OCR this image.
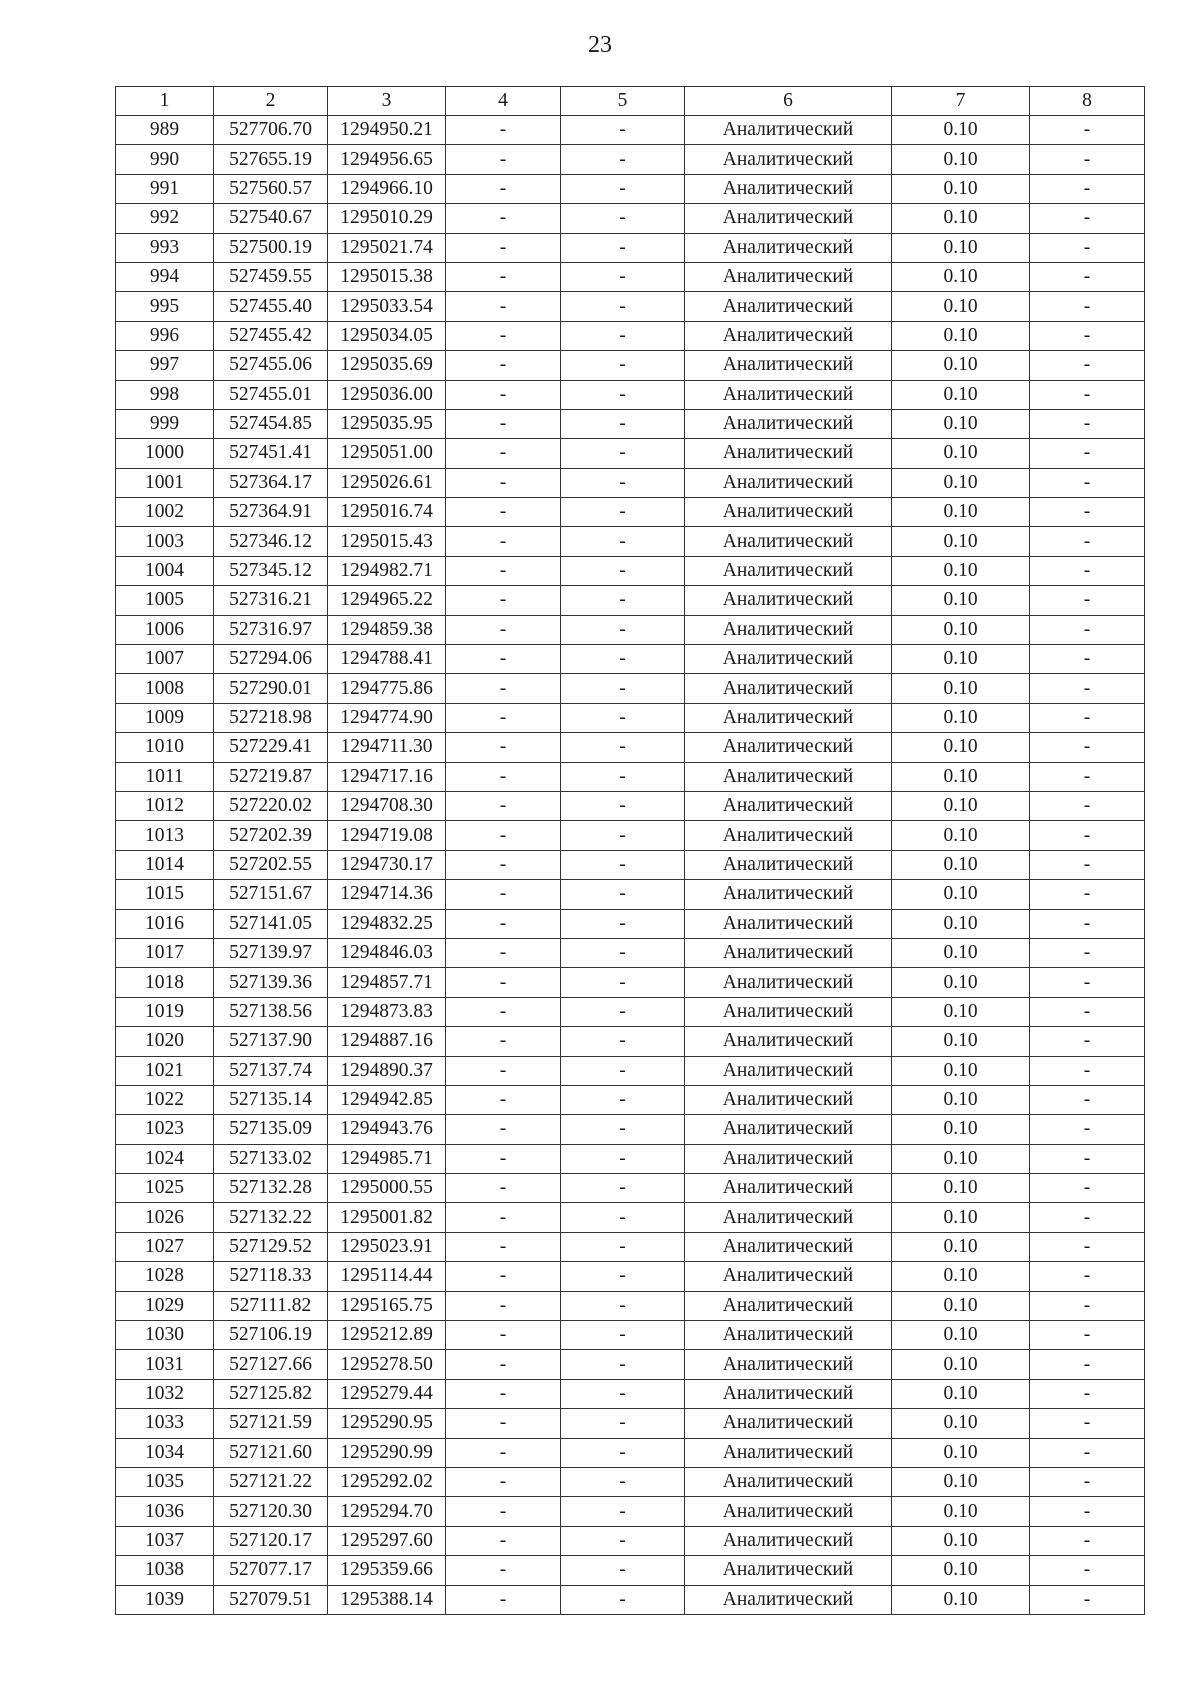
23
1	2	3	4	5	6	7	8
989	527706.70	1294950.21	-	-	Аналитический	0.10	-
990	527655.19	1294956.65	-	-	Аналитический	0.10	-
991	527560.57	1294966.10	-	-	Аналитический	0.10	-
992	527540.67	1295010.29	-	-	Аналитический	0.10	-
993	527500.19	1295021.74	-	-	Аналитический	0.10	-
994	527459.55	1295015.38	-	-	Аналитический	0.10	-
995	527455.40	1295033.54	-	-	Аналитический	0.10	-
996	527455.42	1295034.05	-	-	Аналитический	0.10	-
997	527455.06	1295035.69	-	-	Аналитический	0.10	-
998	527455.01	1295036.00	-	-	Аналитический	0.10	-
999	527454.85	1295035.95	-	-	Аналитический	0.10	-
1000	527451.41	1295051.00	-	-	Аналитический	0.10	-
1001	527364.17	1295026.61	-	-	Аналитический	0.10	-
1002	527364.91	1295016.74	-	-	Аналитический	0.10	-
1003	527346.12	1295015.43	-	-	Аналитический	0.10	-
1004	527345.12	1294982.71	-	-	Аналитический	0.10	-
1005	527316.21	1294965.22	-	-	Аналитический	0.10	-
1006	527316.97	1294859.38	-	-	Аналитический	0.10	-
1007	527294.06	1294788.41	-	-	Аналитический	0.10	-
1008	527290.01	1294775.86	-	-	Аналитический	0.10	-
1009	527218.98	1294774.90	-	-	Аналитический	0.10	-
1010	527229.41	1294711.30	-	-	Аналитический	0.10	-
1011	527219.87	1294717.16	-	-	Аналитический	0.10	-
1012	527220.02	1294708.30	-	-	Аналитический	0.10	-
1013	527202.39	1294719.08	-	-	Аналитический	0.10	-
1014	527202.55	1294730.17	-	-	Аналитический	0.10	-
1015	527151.67	1294714.36	-	-	Аналитический	0.10	-
1016	527141.05	1294832.25	-	-	Аналитический	0.10	-
1017	527139.97	1294846.03	-	-	Аналитический	0.10	-
1018	527139.36	1294857.71	-	-	Аналитический	0.10	-
1019	527138.56	1294873.83	-	-	Аналитический	0.10	-
1020	527137.90	1294887.16	-	-	Аналитический	0.10	-
1021	527137.74	1294890.37	-	-	Аналитический	0.10	-
1022	527135.14	1294942.85	-	-	Аналитический	0.10	-
1023	527135.09	1294943.76	-	-	Аналитический	0.10	-
1024	527133.02	1294985.71	-	-	Аналитический	0.10	-
1025	527132.28	1295000.55	-	-	Аналитический	0.10	-
1026	527132.22	1295001.82	-	-	Аналитический	0.10	-
1027	527129.52	1295023.91	-	-	Аналитический	0.10	-
1028	527118.33	1295114.44	-	-	Аналитический	0.10	-
1029	527111.82	1295165.75	-	-	Аналитический	0.10	-
1030	527106.19	1295212.89	-	-	Аналитический	0.10	-
1031	527127.66	1295278.50	-	-	Аналитический	0.10	-
1032	527125.82	1295279.44	-	-	Аналитический	0.10	-
1033	527121.59	1295290.95	-	-	Аналитический	0.10	-
1034	527121.60	1295290.99	-	-	Аналитический	0.10	-
1035	527121.22	1295292.02	-	-	Аналитический	0.10	-
1036	527120.30	1295294.70	-	-	Аналитический	0.10	-
1037	527120.17	1295297.60	-	-	Аналитический	0.10	-
1038	527077.17	1295359.66	-	-	Аналитический	0.10	-
1039	527079.51	1295388.14	-	-	Аналитический	0.10	-
